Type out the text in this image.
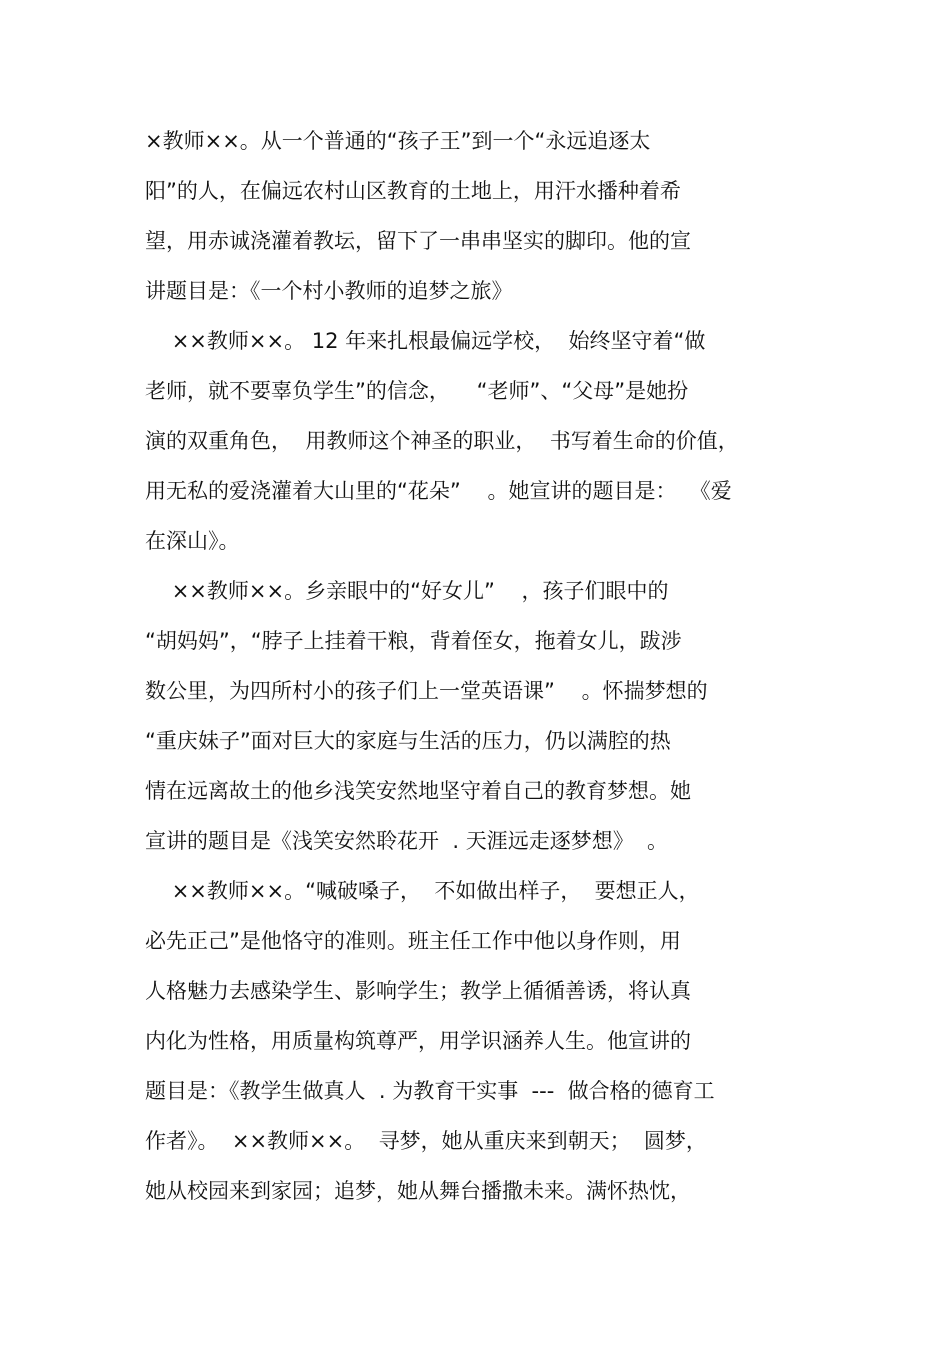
×教师××。从一个普通的“孩子王”到一个“永远追逐太

阳”的人，在偏远农村山区教育的土地上，用汗水播种着希

望，用赤诚浇灌着教坛，留下了一串串坚实的脚印。他的宣

讲题目是：《一个村小教师的追梦之旅》

××教师××。 12 年来扎根最偏远学校，  始终坚守着“做

老师，就不要辜负学生”的信念，    “老师”、“父母”是她扮

演的双重角色，  用教师这个神圣的职业，  书写着生命的价值，

用无私的爱浇灌着大山里的“花朵”    。她宣讲的题目是：  《爱

在深山》。

××教师××。乡亲眼中的“好女儿”    ，孩子们眼中的

“胡妈妈”，“脖子上挂着干粮，背着侄女，拖着女儿，跋涉

数公里，为四所村小的孩子们上一堂英语课”    。怀揣梦想的

“重庆妹子”面对巨大的家庭与生活的压力，仍以满腔的热

情在远离故土的他乡浅笑安然地坚守着自己的教育梦想。她

宣讲的题目是《浅笑安然聆花开  . 天涯远走逐梦想》  。

××教师××。“喊破嗓子，  不如做出样子，  要想正人，

必先正己”是他恪守的准则。班主任工作中他以身作则，用

人格魅力去感染学生、影响学生；教学上循循善诱，将认真

内化为性格，用质量构筑尊严，用学识涵养人生。他宣讲的

题目是：《教学生做真人  . 为教育干实事  ---  做合格的德育工

作者》。  ××教师××。  寻梦，她从重庆来到朝天；  圆梦，

她从校园来到家园；追梦，她从舞台播撒未来。满怀热忱，
